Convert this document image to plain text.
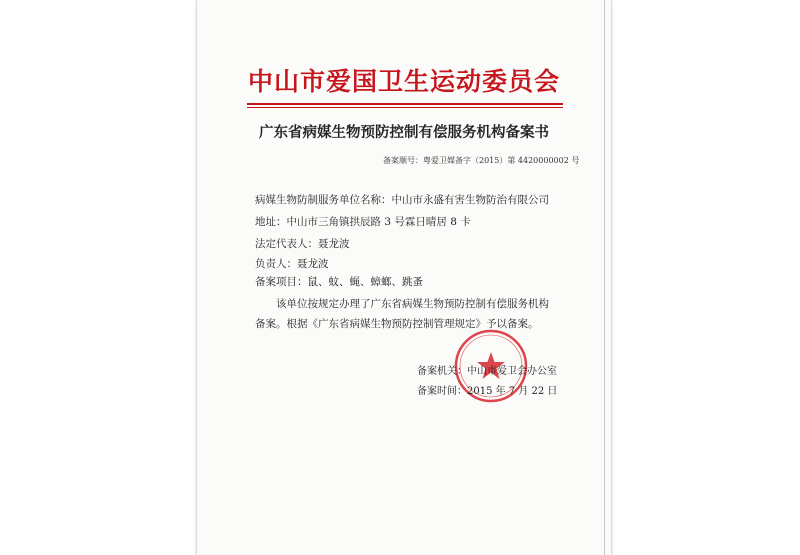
中山市爱国卫生运动委员会
广东省病媒生物预防控制有偿服务机构备案书
备案顺号：粤爱卫媒备字（2015）第 4420000002 号
病媒生物防制服务单位名称：中山市永盛有害生物防治有限公司
地址：中山市三角镇拱辰路 3 号霖日晴居 8 卡
法定代表人：聂龙波
负责人：聂龙波
备案项目：鼠、蚊、蝇、蟑螂、跳蚤
该单位按规定办理了广东省病媒生物预防控制有偿服务机构备案。根据《广东省病媒生物预防控制管理规定》予以备案。
备案机关：中山市爱卫会办公室
备案时间：2015 年 7 月 22 日
